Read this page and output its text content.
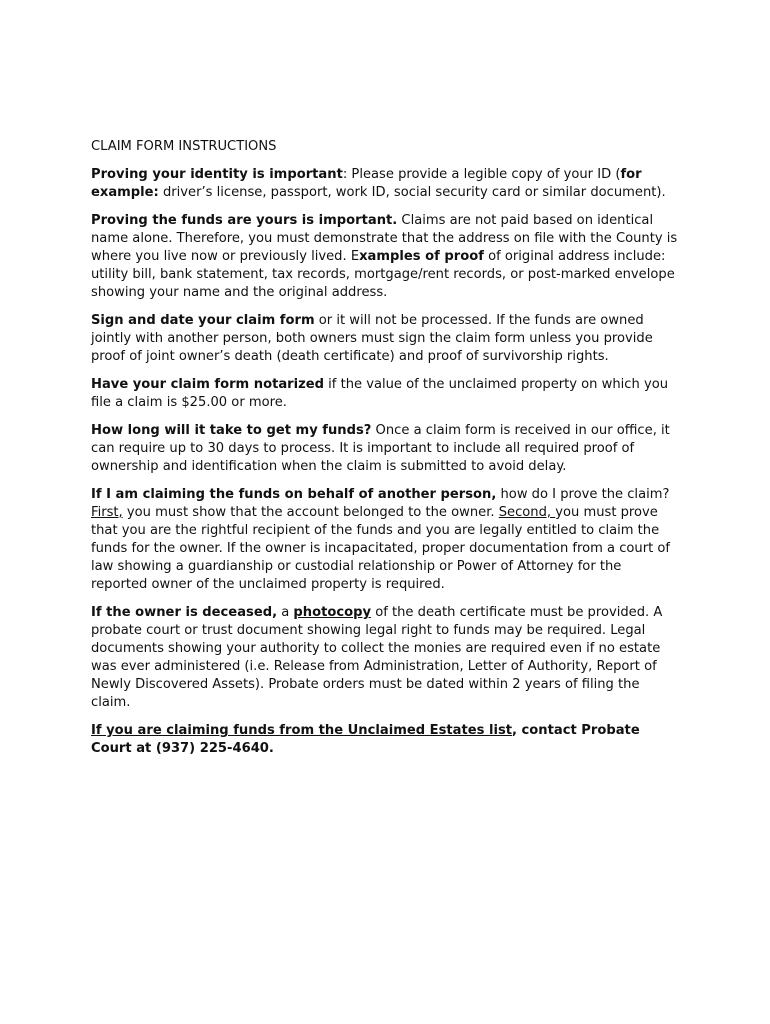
CLAIM FORM INSTRUCTIONS

Proving your identity is important: Please provide a legible copy of your ID (for example: driver’s license, passport, work ID, social security card or similar document).

Proving the funds are yours is important. Claims are not paid based on identical name alone. Therefore, you must demonstrate that the address on file with the County is where you live now or previously lived. Examples of proof of original address include: utility bill, bank statement, tax records, mortgage/rent records, or post-marked envelope showing your name and the original address.

Sign and date your claim form or it will not be processed. If the funds are owned jointly with another person, both owners must sign the claim form unless you provide proof of joint owner’s death (death certificate) and proof of survivorship rights.

Have your claim form notarized if the value of the unclaimed property on which you file a claim is $25.00 or more.

How long will it take to get my funds? Once a claim form is received in our office, it can require up to 30 days to process. It is important to include all required proof of ownership and identification when the claim is submitted to avoid delay.

If I am claiming the funds on behalf of another person, how do I prove the claim? First, you must show that the account belonged to the owner. Second, you must prove that you are the rightful recipient of the funds and you are legally entitled to claim the funds for the owner. If the owner is incapacitated, proper documentation from a court of law showing a guardianship or custodial relationship or Power of Attorney for the reported owner of the unclaimed property is required.

If the owner is deceased, a photocopy of the death certificate must be provided. A probate court or trust document showing legal right to funds may be required. Legal documents showing your authority to collect the monies are required even if no estate was ever administered (i.e. Release from Administration, Letter of Authority, Report of Newly Discovered Assets). Probate orders must be dated within 2 years of filing the claim.

If you are claiming funds from the Unclaimed Estates list, contact Probate Court at (937) 225-4640.
